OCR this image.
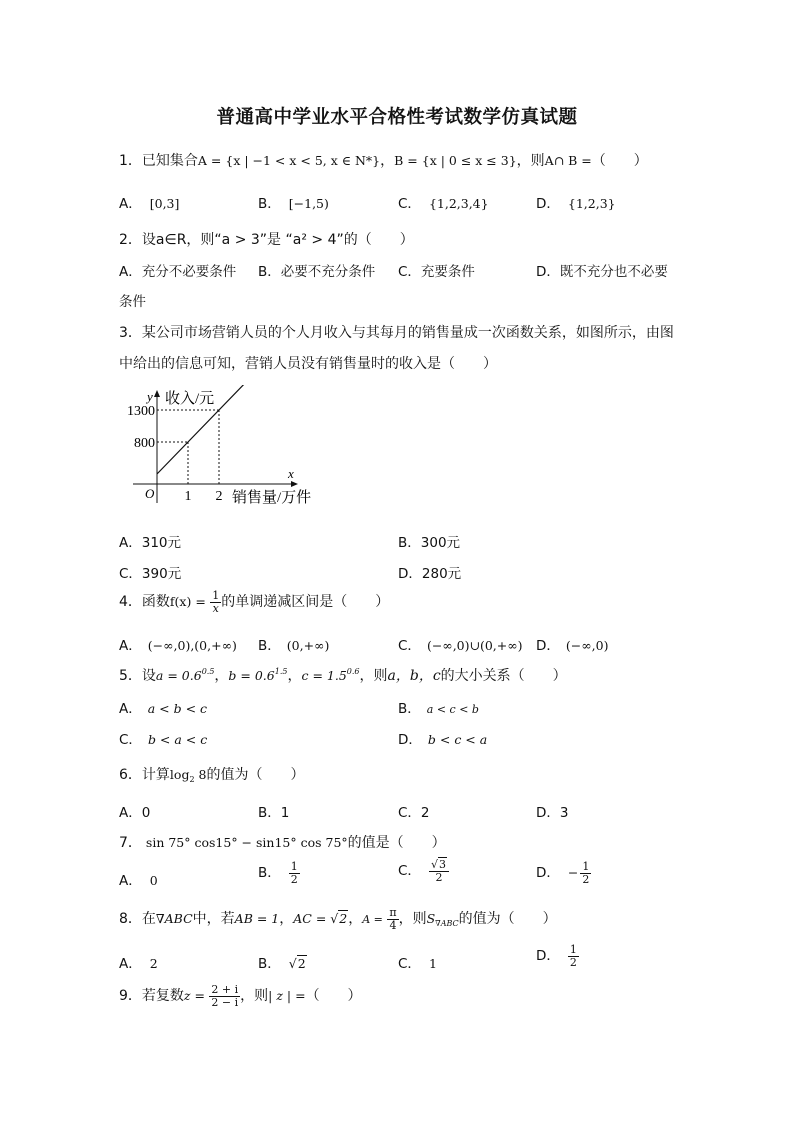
普通高中学业水平合格性考试数学仿真试题
1．已知集合A = {x | −1 < x < 5, x ∈ N*}，B = {x | 0 ≤ x ≤ 3}，则A∩ B =（　　）
A． [0,3]	B． [−1,5)	C． {1,2,3,4}	D． {1,2,3}
2．设a∈R，则“a > 3”是 “a² > 4”的（　　）
A．充分不必要条件 B．必要不充分条件 C．充要条件	D．既不充分也不必要
条件
3．某公司市场营销人员的个人月收入与其每月的销售量成一次函数关系，如图所示，由图
中给出的信息可知，营销人员没有销售量时的收入是（　　）
y 收入/元
x
销售量/万件
O 1 2
800
1300
A．310元	B．300元
C．390元	D．280元
4．函数$f(x) = \frac{1}{x}$ 的单调递减区间是（　　）
A． (−∞,0),(0,+∞) B． (0,+∞)	C． (−∞,0)∪(0,+∞) D． (−∞,0)
5．设$a = 0.6^{0.5}$，$b = 0.6^{1.5}$，$c = 1.5^{0.6}$，则a，b，c的大小关系（　　）
A． a < b < c	B． a < c < b
C． b < a < c	D． b < c < a
6．计算$\log_2 8$的值为（　　）
A．0	B．1	C．2	D．3
7． sin 75° cos15° − sin15° cos 75°的值是（　　）
A． 0	B． $\frac{1}{2}$	C． $\frac{√3}{2}$	D． − $\frac{1}{2}$
8．在∇ABC中，若AB = 1，AC = √2，$A = \frac{\pi}{4}$ ，则$S_{\nabla ABC}$的值为（　　）
A． 2	B． √2	C． 1	D． $\frac{1}{2}$
9．若复数$z = \frac{2 + i}{2 - i}$ ，则| z | =（　　）
